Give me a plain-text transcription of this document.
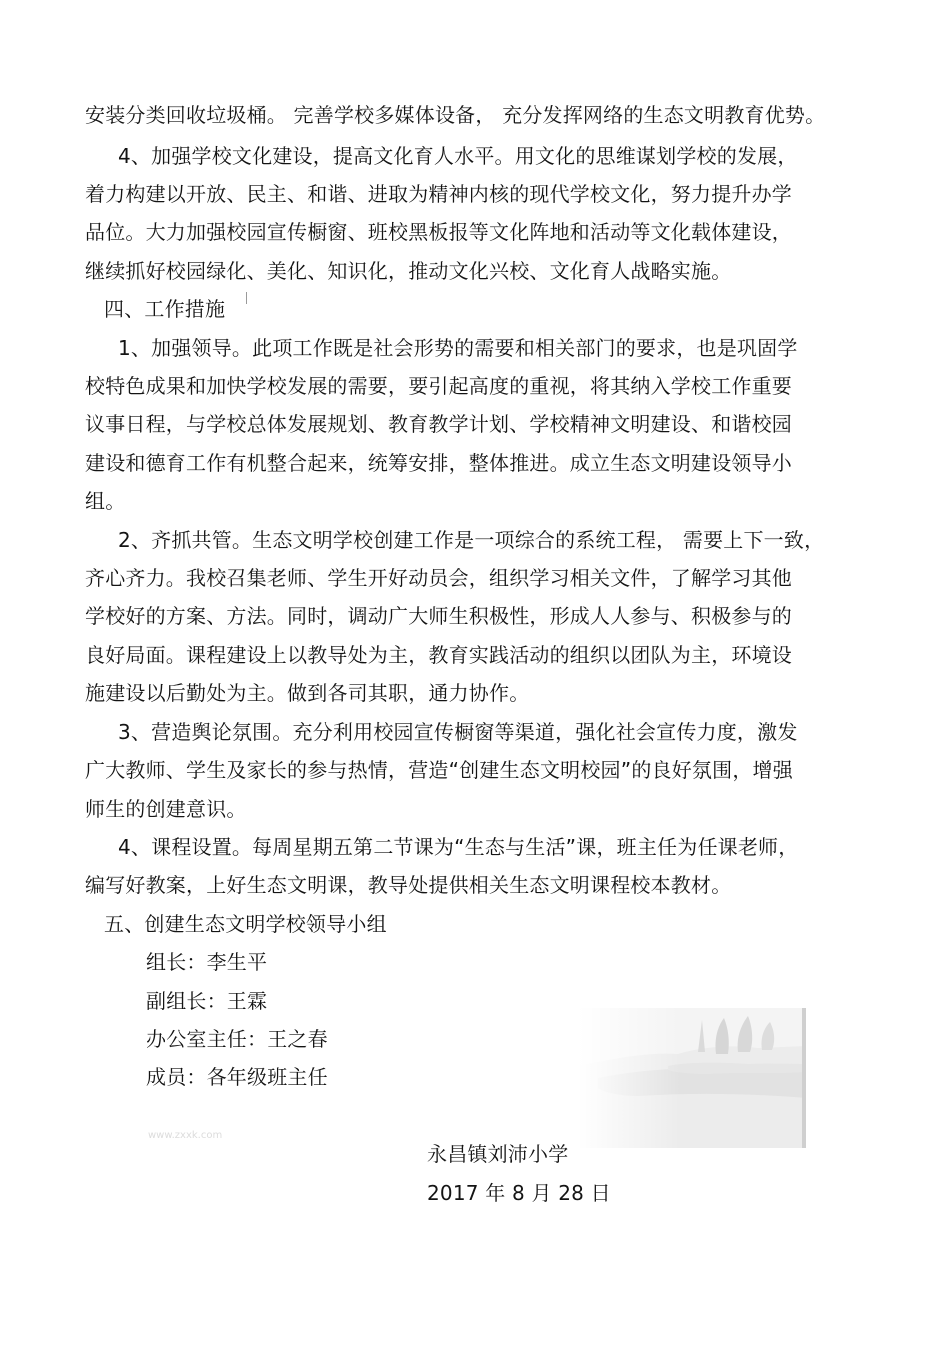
安装分类回收垃圾桶。 完善学校多媒体设备， 充分发挥网络的生态文明教育优势。
4、加强学校文化建设，提高文化育人水平。用文化的思维谋划学校的发展，
着力构建以开放、民主、和谐、进取为精神内核的现代学校文化，努力提升办学
品位。大力加强校园宣传橱窗、班校黑板报等文化阵地和活动等文化载体建设，
继续抓好校园绿化、美化、知识化，推动文化兴校、文化育人战略实施。
四、工作措施
1、加强领导。此项工作既是社会形势的需要和相关部门的要求，也是巩固学
校特色成果和加快学校发展的需要，要引起高度的重视，将其纳入学校工作重要
议事日程，与学校总体发展规划、教育教学计划、学校精神文明建设、和谐校园
建设和德育工作有机整合起来，统筹安排，整体推进。成立生态文明建设领导小
组。
2、齐抓共管。生态文明学校创建工作是一项综合的系统工程， 需要上下一致，
齐心齐力。我校召集老师、学生开好动员会，组织学习相关文件，了解学习其他
学校好的方案、方法。同时，调动广大师生积极性，形成人人参与、积极参与的
良好局面。课程建设上以教导处为主，教育实践活动的组织以团队为主，环境设
施建设以后勤处为主。做到各司其职，通力协作。
3、营造舆论氛围。充分利用校园宣传橱窗等渠道，强化社会宣传力度，激发
广大教师、学生及家长的参与热情，营造“创建生态文明校园”的良好氛围，增强
师生的创建意识。
4、课程设置。每周星期五第二节课为“生态与生活”课，班主任为任课老师，
编写好教案，上好生态文明课，教导处提供相关生态文明课程校本教材。
五、创建生态文明学校领导小组
组长：李生平
副组长：王霖
办公室主任：王之春
成员：各年级班主任
www.zxxk.com
永昌镇刘沛小学
2017 年 8 月 28 日
